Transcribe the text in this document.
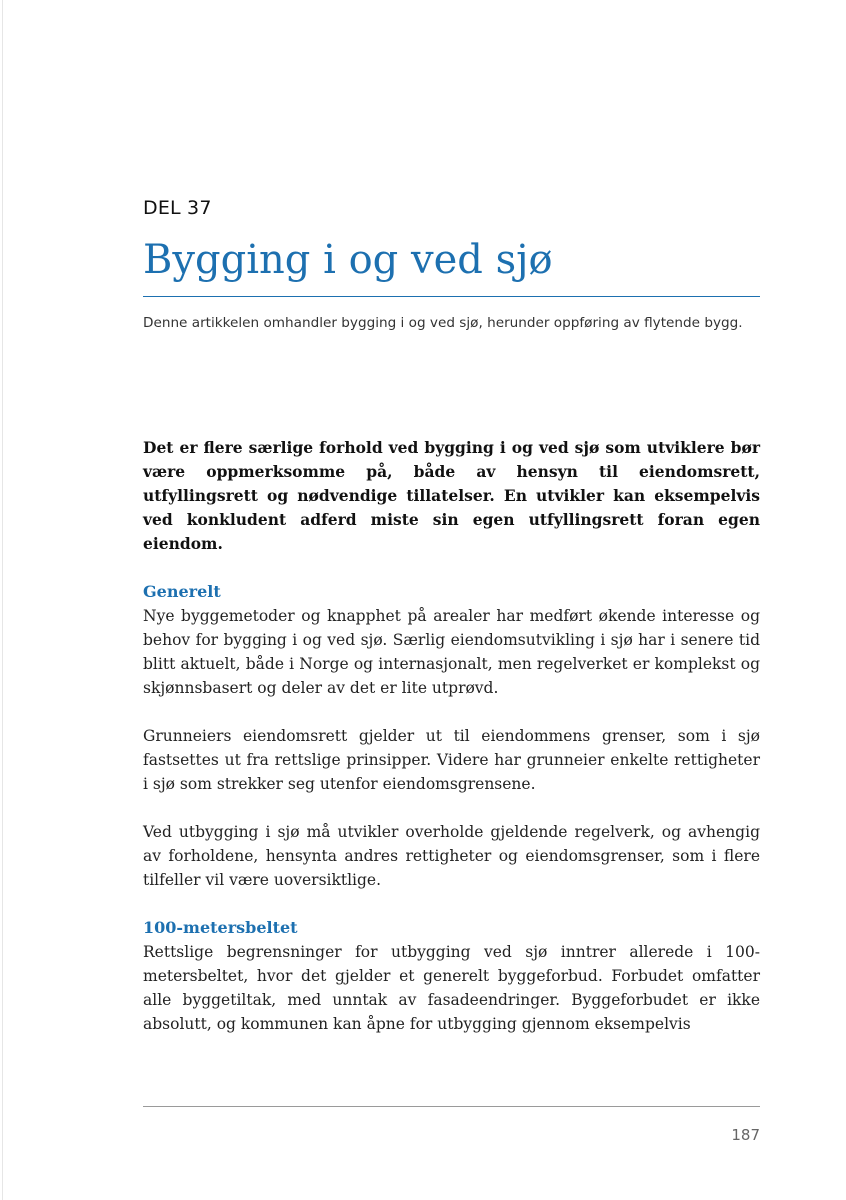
DEL 37

Bygging i og ved sjø

Denne artikkelen omhandler bygging i og ved sjø, herunder oppføring av flytende bygg.

Det er flere særlige forhold ved bygging i og ved sjø som utviklere bør være oppmerksomme på, både av hensyn til eiendomsrett, utfyllingsrett og nødvendige tillatelser. En utvikler kan eksempelvis ved konkludent adferd miste sin egen utfyllingsrett foran egen eiendom.

Generelt

Nye byggemetoder og knapphet på arealer har medført økende interesse og behov for bygging i og ved sjø. Særlig eiendomsutvikling i sjø har i senere tid blitt aktuelt, både i Norge og internasjonalt, men regelverket er komplekst og skjønnsbasert og deler av det er lite utprøvd.

Grunneiers eiendomsrett gjelder ut til eiendommens grenser, som i sjø fastsettes ut fra rettslige prinsipper. Videre har grunneier enkelte rettigheter i sjø som strekker seg utenfor eiendomsgrensene.

Ved utbygging i sjø må utvikler overholde gjeldende regelverk, og avhengig av forholdene, hensynta andres rettigheter og eiendomsgrenser, som i flere tilfeller vil være uoversiktlige.

100-metersbeltet

Rettslige begrensninger for utbygging ved sjø inntrer allerede i 100-metersbeltet, hvor det gjelder et generelt byggeforbud. Forbudet omfatter alle byggetiltak, med unntak av fasadeendringer. Byggeforbudet er ikke absolutt, og kommunen kan åpne for utbygging gjennom eksempelvis

187
